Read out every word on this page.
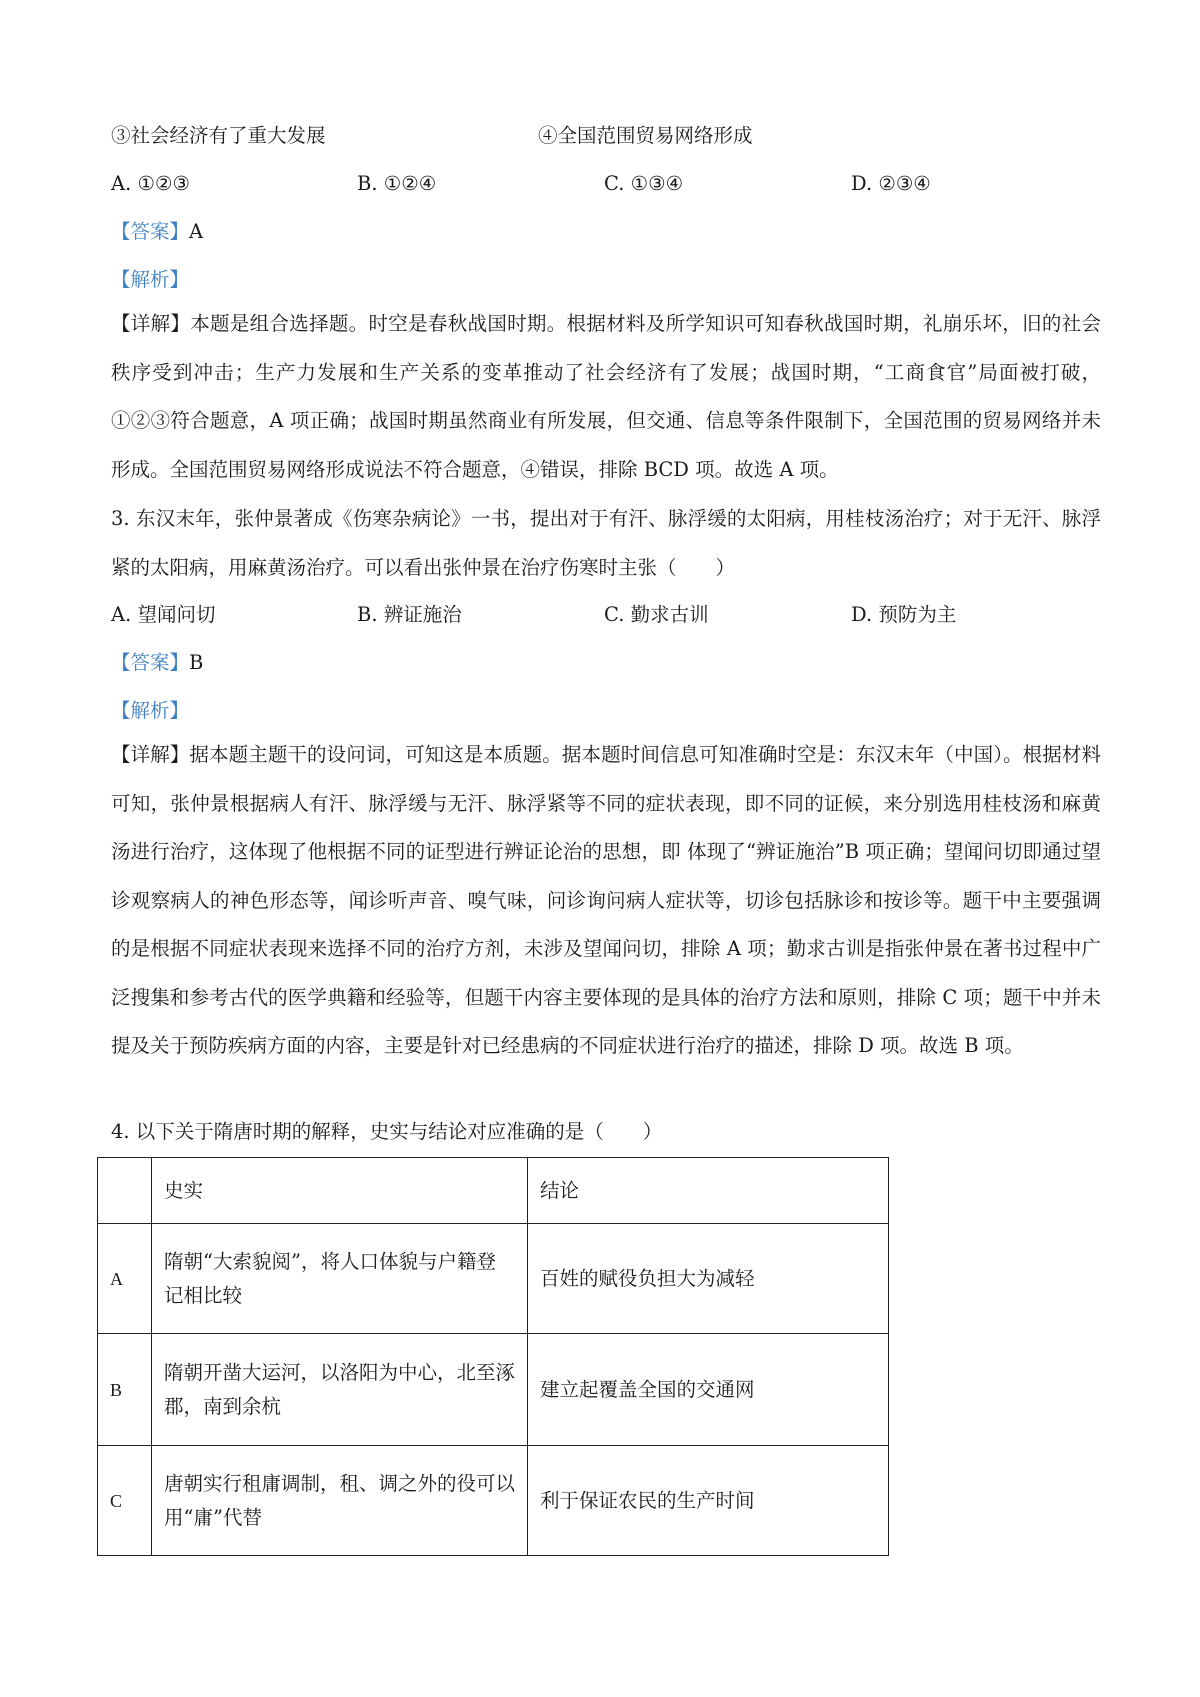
③社会经济有了重大发展	④全国范围贸易网络形成
A. ①②③	B. ①②④	C. ①③④	D. ②③④
【答案】A
【解析】
【详解】本题是组合选择题。时空是春秋战国时期。根据材料及所学知识可知春秋战国时期，礼崩乐坏，旧的社会秩序受到冲击；生产力发展和生产关系的变革推动了社会经济有了发展；战国时期，“工商食官”局面被打破，①②③符合题意，A 项正确；战国时期虽然商业有所发展，但交通、信息等条件限制下，全国范围的贸易网络并未形成。全国范围贸易网络形成说法不符合题意，④错误，排除 BCD 项。故选 A 项。
3. 东汉末年，张仲景著成《伤寒杂病论》一书，提出对于有汗、脉浮缓的太阳病，用桂枝汤治疗；对于无汗、脉浮紧的太阳病，用麻黄汤治疗。可以看出张仲景在治疗伤寒时主张（　　）
A. 望闻问切	B. 辨证施治	C. 勤求古训	D. 预防为主
【答案】B
【解析】
【详解】据本题主题干的设问词，可知这是本质题。据本题时间信息可知准确时空是：东汉末年（中国）。根据材料可知，张仲景根据病人有汗、脉浮缓与无汗、脉浮紧等不同的症状表现，即不同的证候，来分别选用桂枝汤和麻黄汤进行治疗，这体现了他根据不同的证型进行辨证论治的思想，即 体现了“辨证施治”B 项正确；望闻问切即通过望诊观察病人的神色形态等，闻诊听声音、嗅气味，问诊询问病人症状等，切诊包括脉诊和按诊等。题干中主要强调的是根据不同症状表现来选择不同的治疗方剂，未涉及望闻问切，排除 A 项；勤求古训是指张仲景在著书过程中广泛搜集和参考古代的医学典籍和经验等，但题干内容主要体现的是具体的治疗方法和原则，排除 C 项；题干中并未提及关于预防疾病方面的内容，主要是针对已经患病的不同症状进行治疗的描述，排除 D 项。故选 B 项。
4. 以下关于隋唐时期的解释，史实与结论对应准确的是（　　）
	史实	结论
A	隋朝“大索貌阅”，将人口体貌与户籍登记相比较	百姓的赋役负担大为减轻
B	隋朝开凿大运河，以洛阳为中心，北至涿郡，南到余杭	建立起覆盖全国的交通网
C	唐朝实行租庸调制，租、调之外的役可以用“庸”代替	利于保证农民的生产时间
